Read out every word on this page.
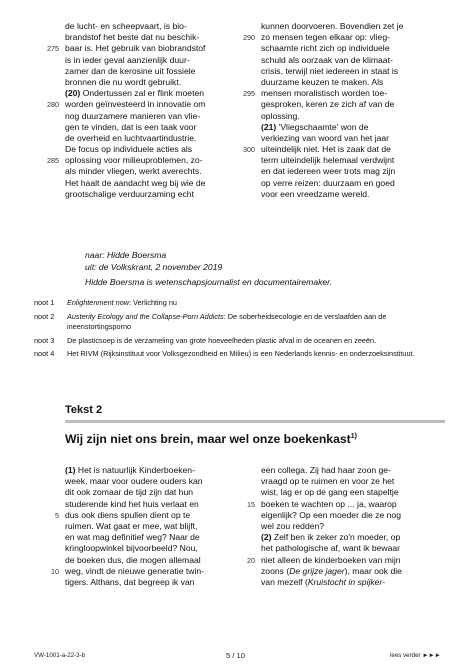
de lucht- en scheepvaart, is bio-
brandstof het beste dat nu beschik-
275 baar is. Het gebruik van biobrandstof
is in ieder geval aanzienlijk duur-
zamer dan de kerosine uit fossiele
bronnen die nu wordt gebruikt.
(20) Ondertussen zal er flink moeten
280 worden geïnvesteerd in innovatie om
nog duurzamere manieren van vlie-
gen te vinden, dat is een taak voor
de overheid en luchtvaartindustrie.
De focus op individuele acties als
285 oplossing voor milieuproblemen, zo-
als minder vliegen, werkt averechts.
Het haalt de aandacht weg bij wie de
grootschalige verduurzaming echt
kunnen doorvoeren. Bovendien zet je
290 zo mensen tegen elkaar op: vlieg-
schaamte richt zich op individuele
schuld als oorzaak van de klimaat-
crisis, terwijl niet iedereen in staat is
duurzame keuzen te maken. Als
295 mensen moralistisch worden toe-
gesproken, keren ze zich af van de
oplossing.
(21) 'Vliegschaamte' won de
verkiezing van woord van het jaar
300 uiteindelijk niet. Het is zaak dat de
term uiteindelijk helemaal verdwijnt
en dat iedereen weer trots mag zijn
op verre reizen: duurzaam en goed
voor een vreedzame wereld.
naar: Hidde Boersma
uit: de Volkskrant, 2 november 2019
Hidde Boersma is wetenschapsjournalist en documentairemaker.
noot 1 Enlightenment now: Verlichting nu
noot 2 Austerity Ecology and the Collapse-Porn Addicts: De soberheidsecologie en de verslaafden aan de ineenstortingsporno
noot 3 De plasticsoep is de verzameling van grote hoeveelheden plastic afval in de oceanen en zeeën.
noot 4 Het RIVM (Rijksinstituut voor Volksgezondheid en Milieu) is een Nederlands kennis- en onderzoeksinstituut.
Tekst 2
Wij zijn niet ons brein, maar wel onze boekenkast$^{1)}$
(1) Het is natuurlijk Kinderboeken-
week, maar voor oudere ouders kan
dit ook zomaar de tijd zijn dat hun
studerende kind het huis verlaat en
5 dus ook diens spullen dient op te
ruimen. Wat gaat er mee, wat blijft,
en wat mag definitief weg? Naar de
kringloopwinkel bijvoorbeeld? Nou,
de boeken dus, die mogen allemaal
10 weg, vindt de nieuwe generatie twin-
tigers. Althans, dat begreep ik van
een collega. Zij had haar zoon ge-
vraagd op te ruimen en voor ze het
wist, lag er op de gang een stapeltje
15 boeken te wachten op ... ja, waarop
eigenlijk? Op een moeder die ze nog
wel zou redden?
(2) Zelf ben ik zeker zo'n moeder, op
het pathologische af, want ik bewaar
20 niet alleen de kinderboeken van mijn
zoons (De grijze jager), maar ook die
van mezelf (Kruistocht in spijker-
VW-1001-a-22-3-b	5 / 10	lees verder ►►►
